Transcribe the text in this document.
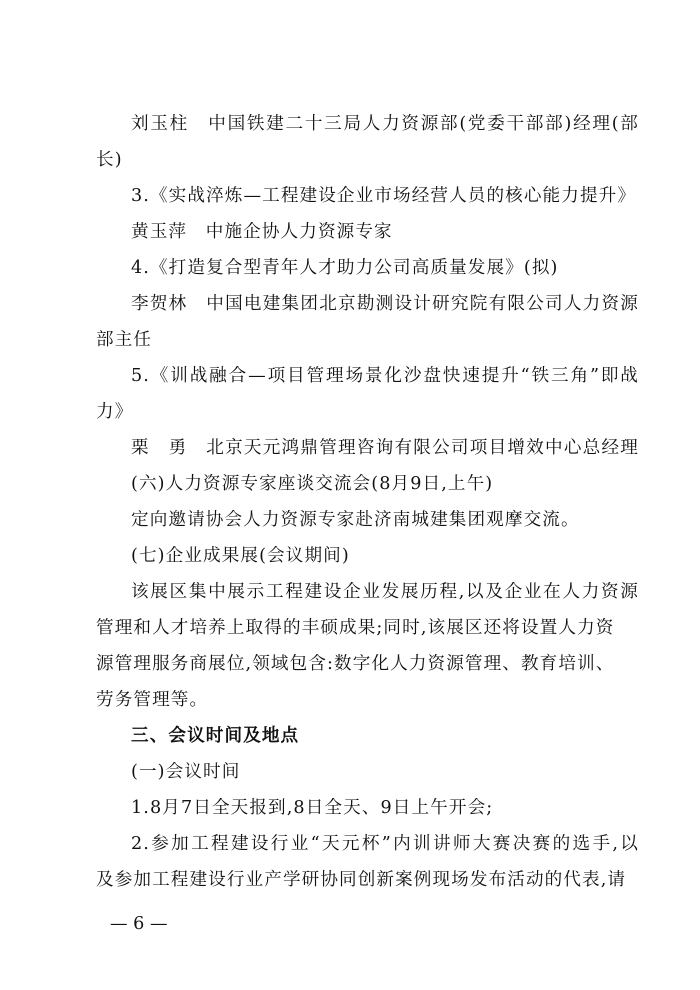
刘玉柱　中国铁建二十三局人力资源部(党委干部部)经理(部
长)
3.《实战淬炼—工程建设企业市场经营人员的核心能力提升》
黄玉萍　中施企协人力资源专家
4.《打造复合型青年人才助力公司高质量发展》(拟)
李贺林　中国电建集团北京勘测设计研究院有限公司人力资源
部主任
5.《训战融合—项目管理场景化沙盘快速提升“铁三角”即战
力》
栗　勇　北京天元鸿鼎管理咨询有限公司项目增效中心总经理
(六)人力资源专家座谈交流会(8月9日,上午)
定向邀请协会人力资源专家赴济南城建集团观摩交流。
(七)企业成果展(会议期间)
该展区集中展示工程建设企业发展历程,以及企业在人力资源
管理和人才培养上取得的丰硕成果;同时,该展区还将设置人力资
源管理服务商展位,领域包含:数字化人力资源管理、教育培训、
劳务管理等。
三、会议时间及地点
(一)会议时间
1.8月7日全天报到,8日全天、9日上午开会;
2.参加工程建设行业“天元杯”内训讲师大赛决赛的选手,以
及参加工程建设行业产学研协同创新案例现场发布活动的代表,请
— 6 —
